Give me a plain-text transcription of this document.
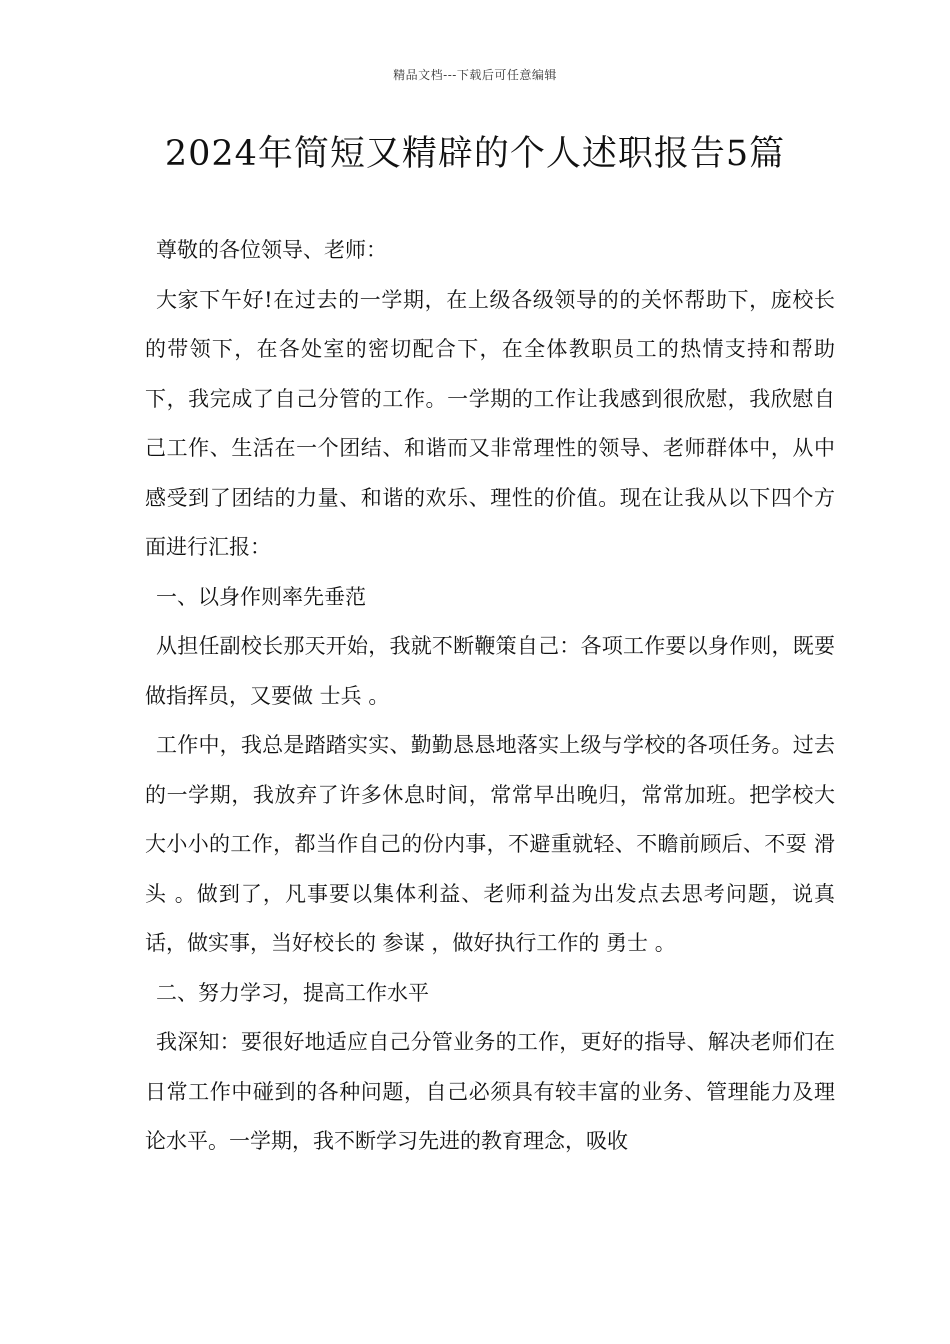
精品文档---下载后可任意编辑
2024年简短又精辟的个人述职报告5篇

尊敬的各位领导、老师：

大家下午好!在过去的一学期，在上级各级领导的的关怀帮助下，庞校长的带领下，在各处室的密切配合下，在全体教职员工的热情支持和帮助下，我完成了自己分管的工作。一学期的工作让我感到很欣慰，我欣慰自己工作、生活在一个团结、和谐而又非常理性的领导、老师群体中，从中感受到了团结的力量、和谐的欢乐、理性的价值。现在让我从以下四个方面进行汇报：

一、以身作则率先垂范

从担任副校长那天开始，我就不断鞭策自己：各项工作要以身作则，既要做指挥员，又要做 士兵 。

工作中，我总是踏踏实实、勤勤恳恳地落实上级与学校的各项任务。过去的一学期，我放弃了许多休息时间，常常早出晚归，常常加班。把学校大大小小的工作，都当作自己的份内事，不避重就轻、不瞻前顾后、不耍 滑头 。做到了，凡事要以集体利益、老师利益为出发点去思考问题，说真话，做实事，当好校长的 参谋 ，做好执行工作的 勇士 。

二、努力学习，提高工作水平

我深知：要很好地适应自己分管业务的工作，更好的指导、解决老师们在日常工作中碰到的各种问题，自己必须具有较丰富的业务、管理能力及理论水平。一学期，我不断学习先进的教育理念，吸收
